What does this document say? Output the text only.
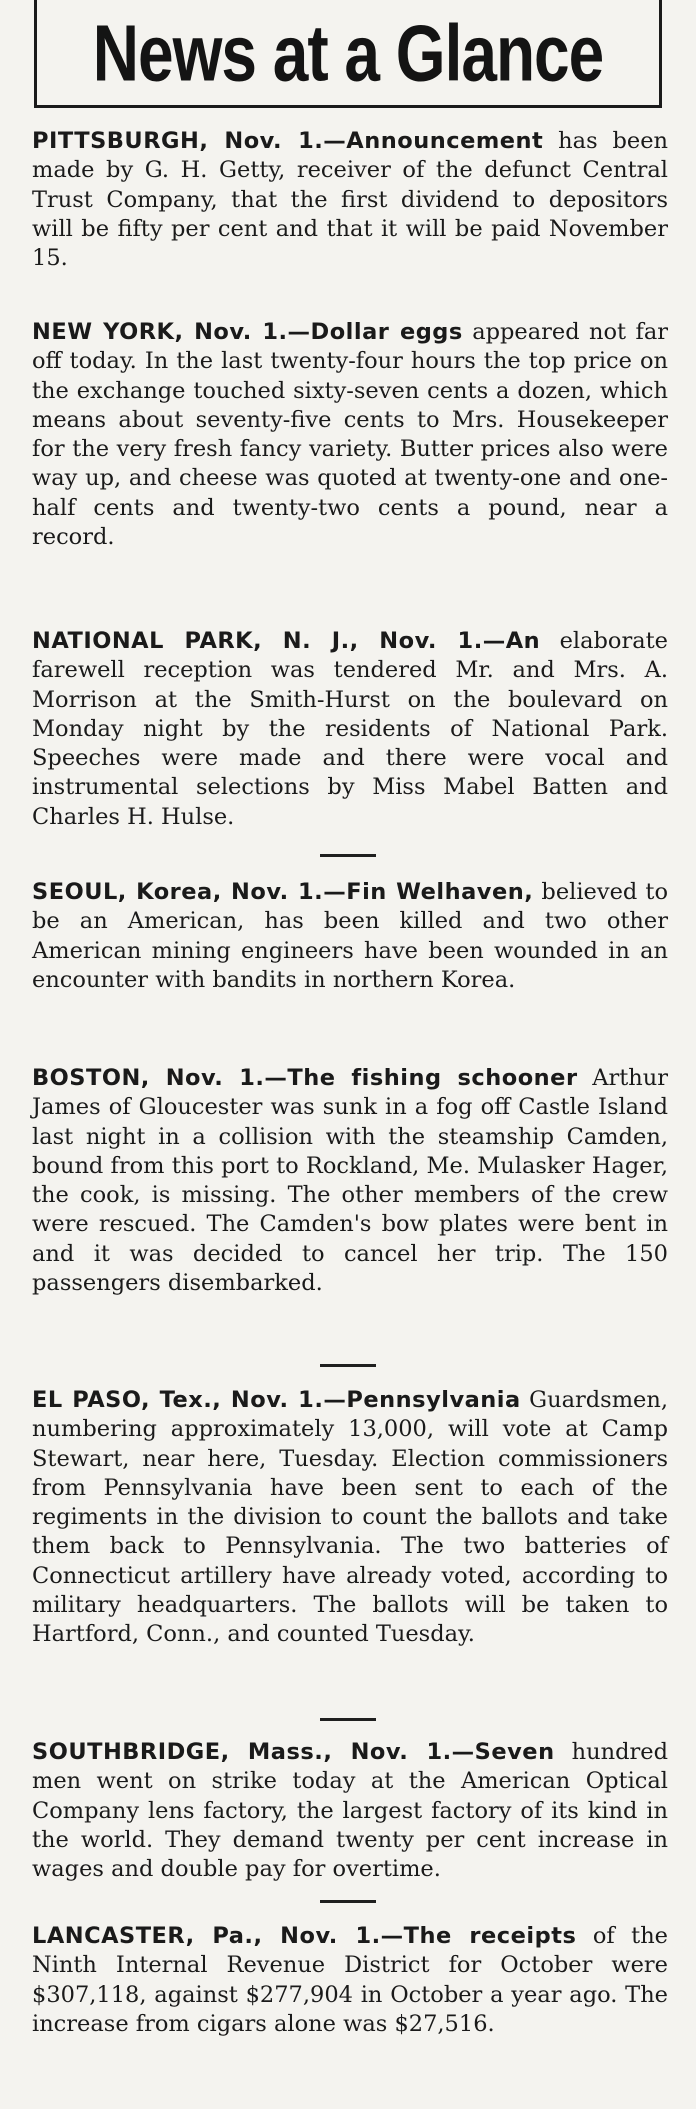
News at a Glance

PITTSBURGH, Nov. 1.—Announcement has been made by G. H. Getty, receiver of the defunct Central Trust Company, that the first dividend to depositors will be fifty per cent and that it will be paid November 15.

NEW YORK, Nov. 1.—Dollar eggs appeared not far off today. In the last twenty-four hours the top price on the exchange touched sixty-seven cents a dozen, which means about seventy-five cents to Mrs. Housekeeper for the very fresh fancy variety. Butter prices also were way up, and cheese was quoted at twenty-one and one-half cents and twenty-two cents a pound, near a record.

NATIONAL PARK, N. J., Nov. 1.—An elaborate farewell reception was tendered Mr. and Mrs. A. Morrison at the Smith-Hurst on the boulevard on Monday night by the residents of National Park. Speeches were made and there were vocal and instrumental selections by Miss Mabel Batten and Charles H. Hulse.

SEOUL, Korea, Nov. 1.—Fin Welhaven, believed to be an American, has been killed and two other American mining engineers have been wounded in an encounter with bandits in northern Korea.

BOSTON, Nov. 1.—The fishing schooner Arthur James of Gloucester was sunk in a fog off Castle Island last night in a collision with the steamship Camden, bound from this port to Rockland, Me. Mulasker Hager, the cook, is missing. The other members of the crew were rescued. The Camden's bow plates were bent in and it was decided to cancel her trip. The 150 passengers disembarked.

EL PASO, Tex., Nov. 1.—Pennsylvania Guardsmen, numbering approximately 13,000, will vote at Camp Stewart, near here, Tuesday. Election commissioners from Pennsylvania have been sent to each of the regiments in the division to count the ballots and take them back to Pennsylvania. The two batteries of Connecticut artillery have already voted, according to military headquarters. The ballots will be taken to Hartford, Conn., and counted Tuesday.

SOUTHBRIDGE, Mass., Nov. 1.—Seven hundred men went on strike today at the American Optical Company lens factory, the largest factory of its kind in the world. They demand twenty per cent increase in wages and double pay for overtime.

LANCASTER, Pa., Nov. 1.—The receipts of the Ninth Internal Revenue District for October were $307,118, against $277,904 in October a year ago. The increase from cigars alone was $27,516.
